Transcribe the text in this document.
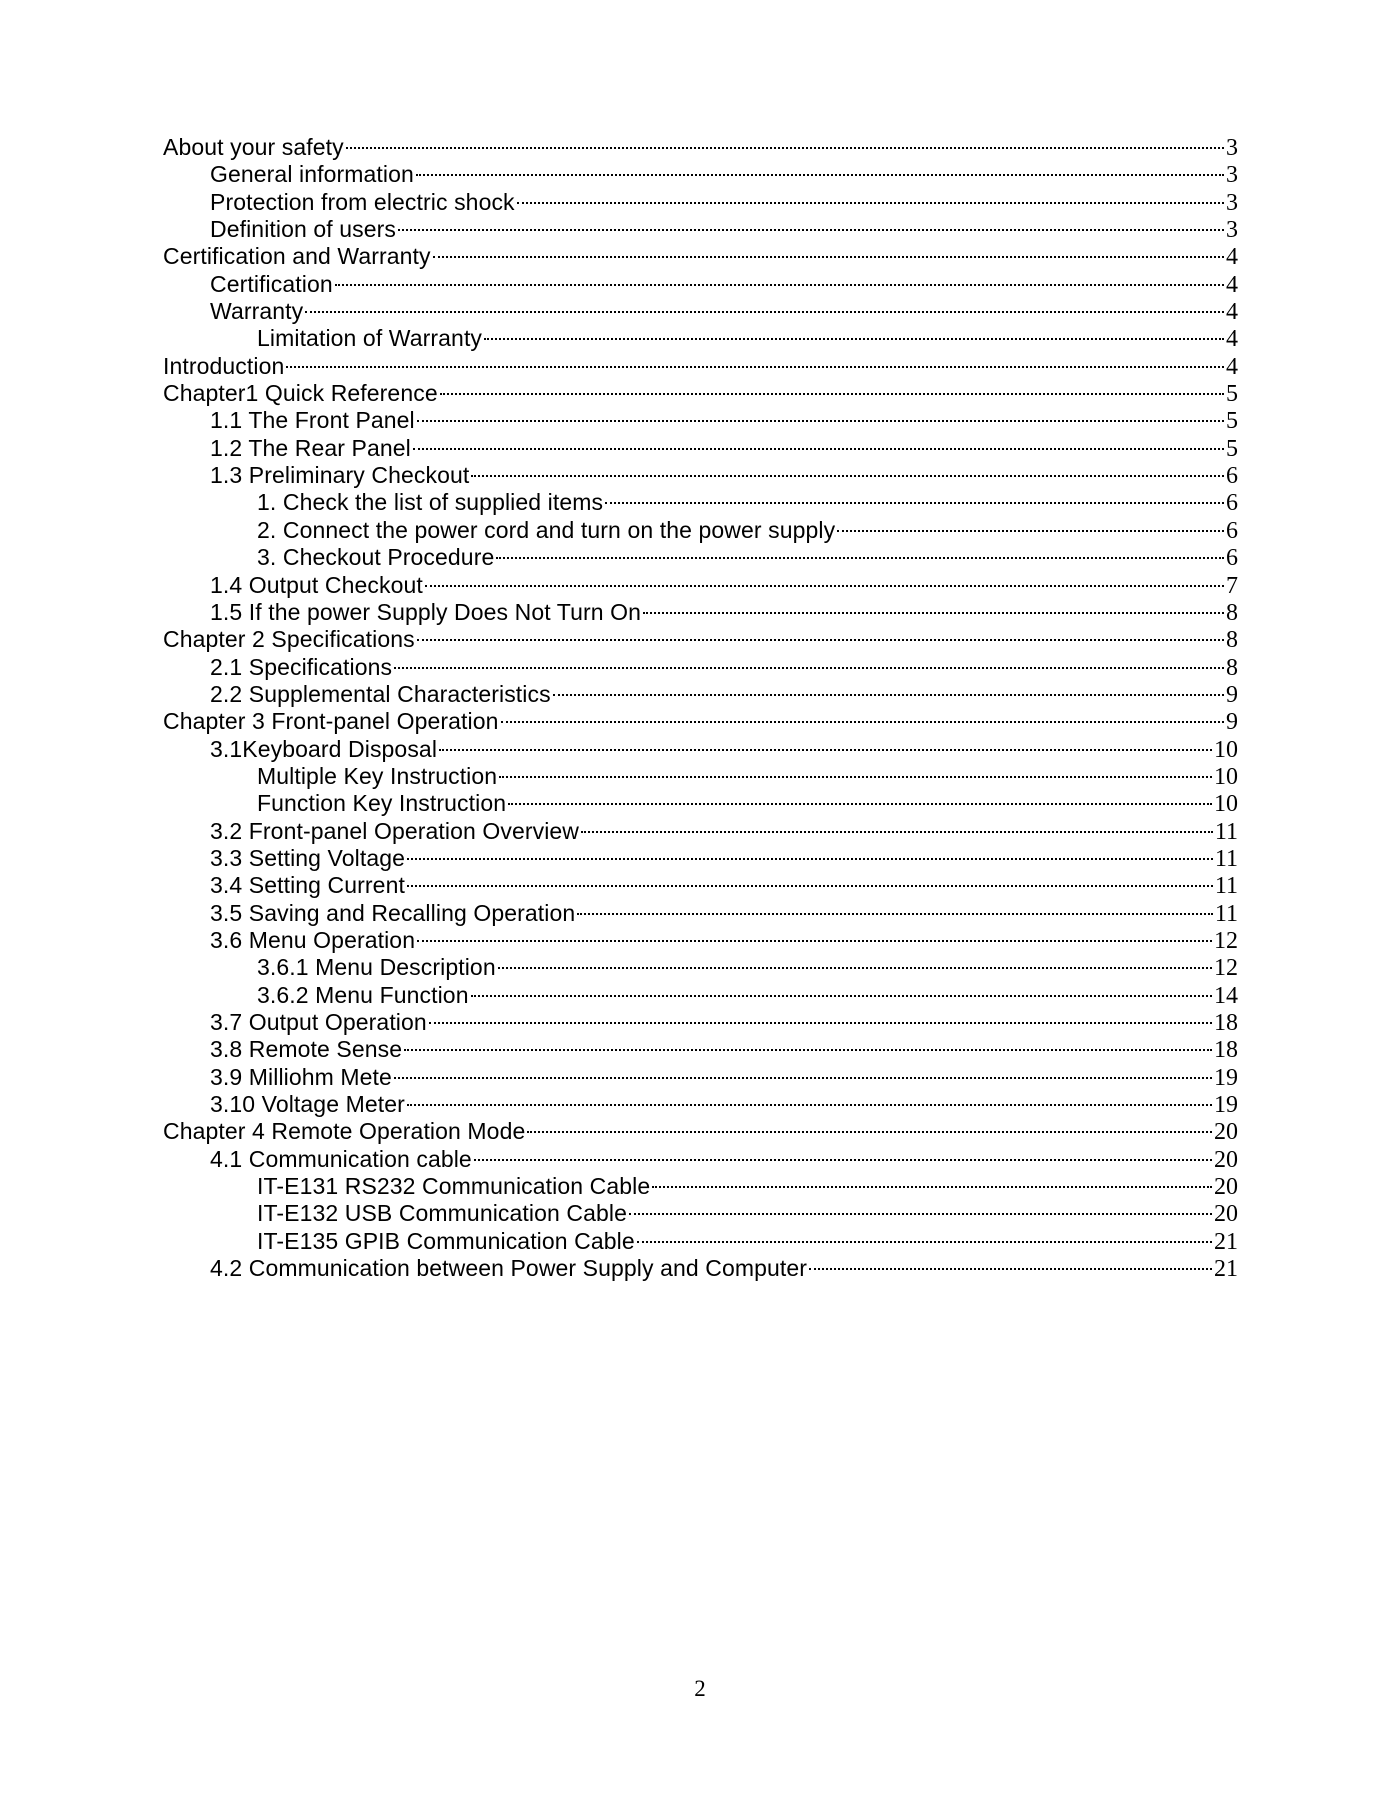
About your safety	3
General information	3
Protection from electric shock	3
Definition of users	3
Certification and Warranty	4
Certification	4
Warranty	4
Limitation of Warranty	4
Introduction	4
Chapter1 Quick Reference	5
1.1 The Front Panel	5
1.2 The Rear Panel	5
1.3 Preliminary Checkout	6
1. Check the list of supplied items	6
2. Connect the power cord and turn on the power supply	6
3. Checkout Procedure	6
1.4 Output Checkout	7
1.5 If the power Supply Does Not Turn On	8
Chapter 2 Specifications	8
2.1 Specifications	8
2.2 Supplemental Characteristics	9
Chapter 3 Front-panel Operation	9
3.1Keyboard Disposal	10
Multiple Key Instruction	10
Function Key Instruction	10
3.2 Front-panel Operation Overview	11
3.3 Setting Voltage	11
3.4 Setting Current	11
3.5 Saving and Recalling Operation	11
3.6 Menu Operation	12
3.6.1 Menu Description	12
3.6.2 Menu Function	14
3.7 Output Operation	18
3.8 Remote Sense	18
3.9 Milliohm Mete	19
3.10 Voltage Meter	19
Chapter 4 Remote Operation Mode	20
4.1 Communication cable	20
IT-E131 RS232 Communication Cable	20
IT-E132 USB Communication Cable	20
IT-E135 GPIB Communication Cable	21
4.2 Communication between Power Supply and Computer	21
2
